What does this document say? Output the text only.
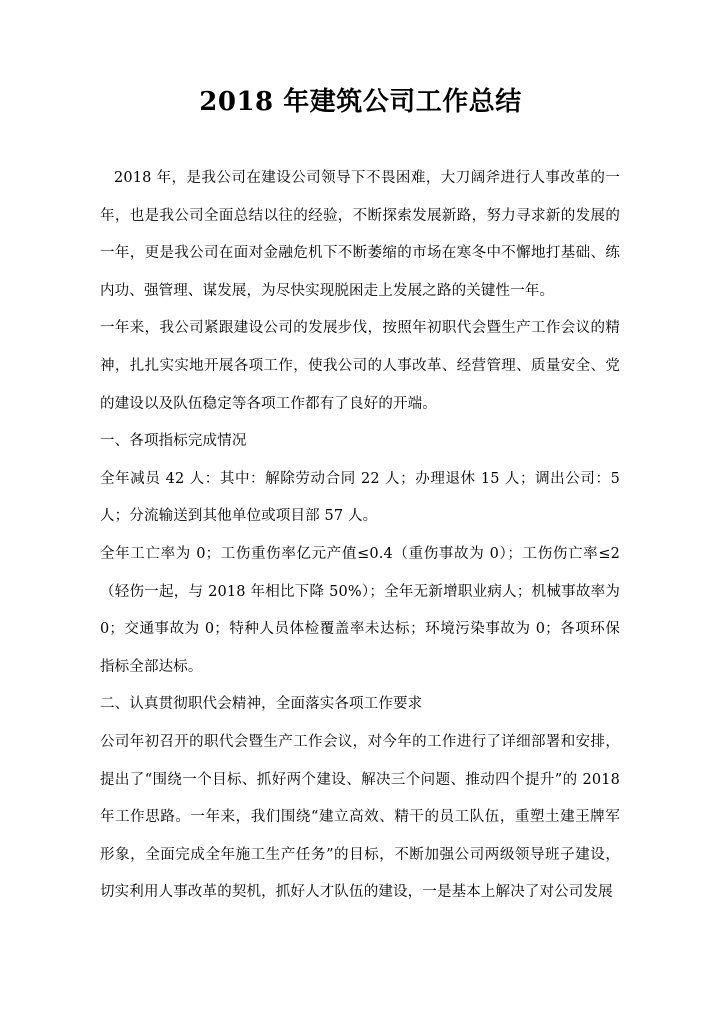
2018 年建筑公司工作总结

2018 年，是我公司在建设公司领导下不畏困难，大刀阔斧进行人事改革的一年，也是我公司全面总结以往的经验，不断探索发展新路，努力寻求新的发展的一年，更是我公司在面对金融危机下不断萎缩的市场在寒冬中不懈地打基础、练内功、强管理、谋发展，为尽快实现脱困走上发展之路的关键性一年。

一年来，我公司紧跟建设公司的发展步伐，按照年初职代会暨生产工作会议的精神，扎扎实实地开展各项工作，使我公司的人事改革、经营管理、质量安全、党的建设以及队伍稳定等各项工作都有了良好的开端。

一、各项指标完成情况

全年减员 42 人：其中：解除劳动合同 22 人；办理退休 15 人；调出公司：5 人；分流输送到其他单位或项目部 57 人。

全年工亡率为 0；工伤重伤率亿元产值≤0.4（重伤事故为 0）；工伤伤亡率≤2（轻伤一起，与 2018 年相比下降 50%）；全年无新增职业病人；机械事故率为 0；交通事故为 0；特种人员体检覆盖率未达标；环境污染事故为 0；各项环保指标全部达标。

二、认真贯彻职代会精神，全面落实各项工作要求

公司年初召开的职代会暨生产工作会议，对今年的工作进行了详细部署和安排，提出了“围绕一个目标、抓好两个建设、解决三个问题、推动四个提升”的 2018 年工作思路。一年来，我们围绕“建立高效、精干的员工队伍，重塑土建王牌军形象，全面完成全年施工生产任务”的目标，不断加强公司两级领导班子建设，切实利用人事改革的契机，抓好人才队伍的建设，一是基本上解决了对公司发展
